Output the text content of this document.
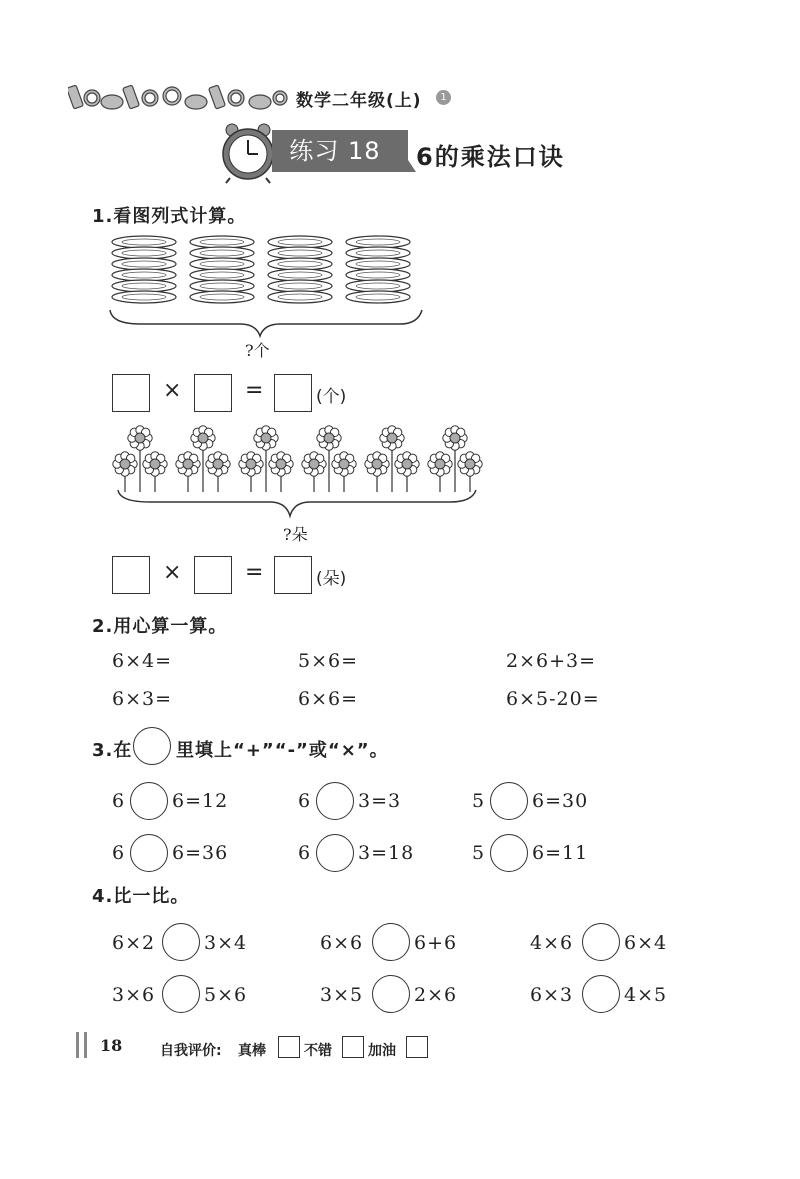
数学二年级(上)	1
练习 18	6的乘法口诀
1.看图列式计算。
?个
×	=	(个)
?朵
×	=	(朵)
2.用心算一算。
6×4=	5×6=	2×6+3=
6×3=	6×6=	6×5-20=
3.在 里填上“+”“-”或“×”。
6 6=12	6 3=3	5 6=30
6 6=36	6 3=18	5 6=11
4.比一比。
6×2	3×4	6×6	6+6	4×6	6×4
3×6	5×6	3×5	2×6	6×3	4×5
18	自我评价: 真棒	不错	加油
